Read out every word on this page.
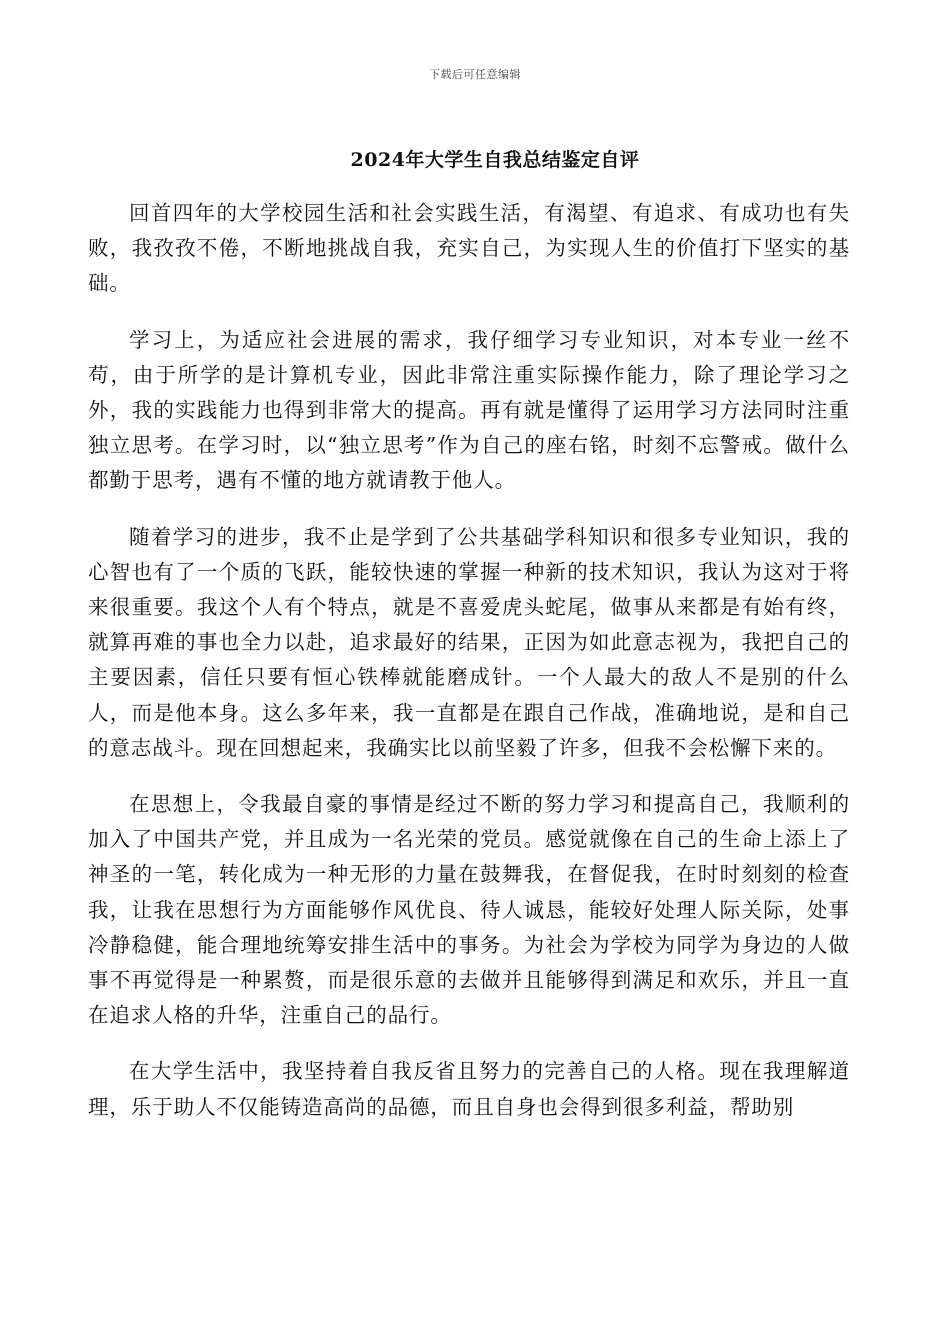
下载后可任意编辑
2024年大学生自我总结鉴定自评

回首四年的大学校园生活和社会实践生活，有渴望、有追求、有成功也有失败，我孜孜不倦，不断地挑战自我，充实自己，为实现人生的价值打下坚实的基础。

学习上，为适应社会进展的需求，我仔细学习专业知识，对本专业一丝不苟，由于所学的是计算机专业，因此非常注重实际操作能力，除了理论学习之外，我的实践能力也得到非常大的提高。再有就是懂得了运用学习方法同时注重独立思考。在学习时，以“独立思考”作为自己的座右铭，时刻不忘警戒。做什么都勤于思考，遇有不懂的地方就请教于他人。

随着学习的进步，我不止是学到了公共基础学科知识和很多专业知识，我的心智也有了一个质的飞跃，能较快速的掌握一种新的技术知识，我认为这对于将来很重要。我这个人有个特点，就是不喜爱虎头蛇尾，做事从来都是有始有终，就算再难的事也全力以赴，追求最好的结果，正因为如此意志视为，我把自己的主要因素，信任只要有恒心铁棒就能磨成针。一个人最大的敌人不是别的什么人，而是他本身。这么多年来，我一直都是在跟自己作战，准确地说，是和自己的意志战斗。现在回想起来，我确实比以前坚毅了许多，但我不会松懈下来的。

在思想上，令我最自豪的事情是经过不断的努力学习和提高自己，我顺利的加入了中国共产党，并且成为一名光荣的党员。感觉就像在自己的生命上添上了神圣的一笔，转化成为一种无形的力量在鼓舞我，在督促我，在时时刻刻的检查我，让我在思想行为方面能够作风优良、待人诚恳，能较好处理人际关际，处事冷静稳健，能合理地统筹安排生活中的事务。为社会为学校为同学为身边的人做事不再觉得是一种累赘，而是很乐意的去做并且能够得到满足和欢乐，并且一直在追求人格的升华，注重自己的品行。

在大学生活中，我坚持着自我反省且努力的完善自己的人格。现在我理解道理，乐于助人不仅能铸造高尚的品德，而且自身也会得到很多利益，帮助别
